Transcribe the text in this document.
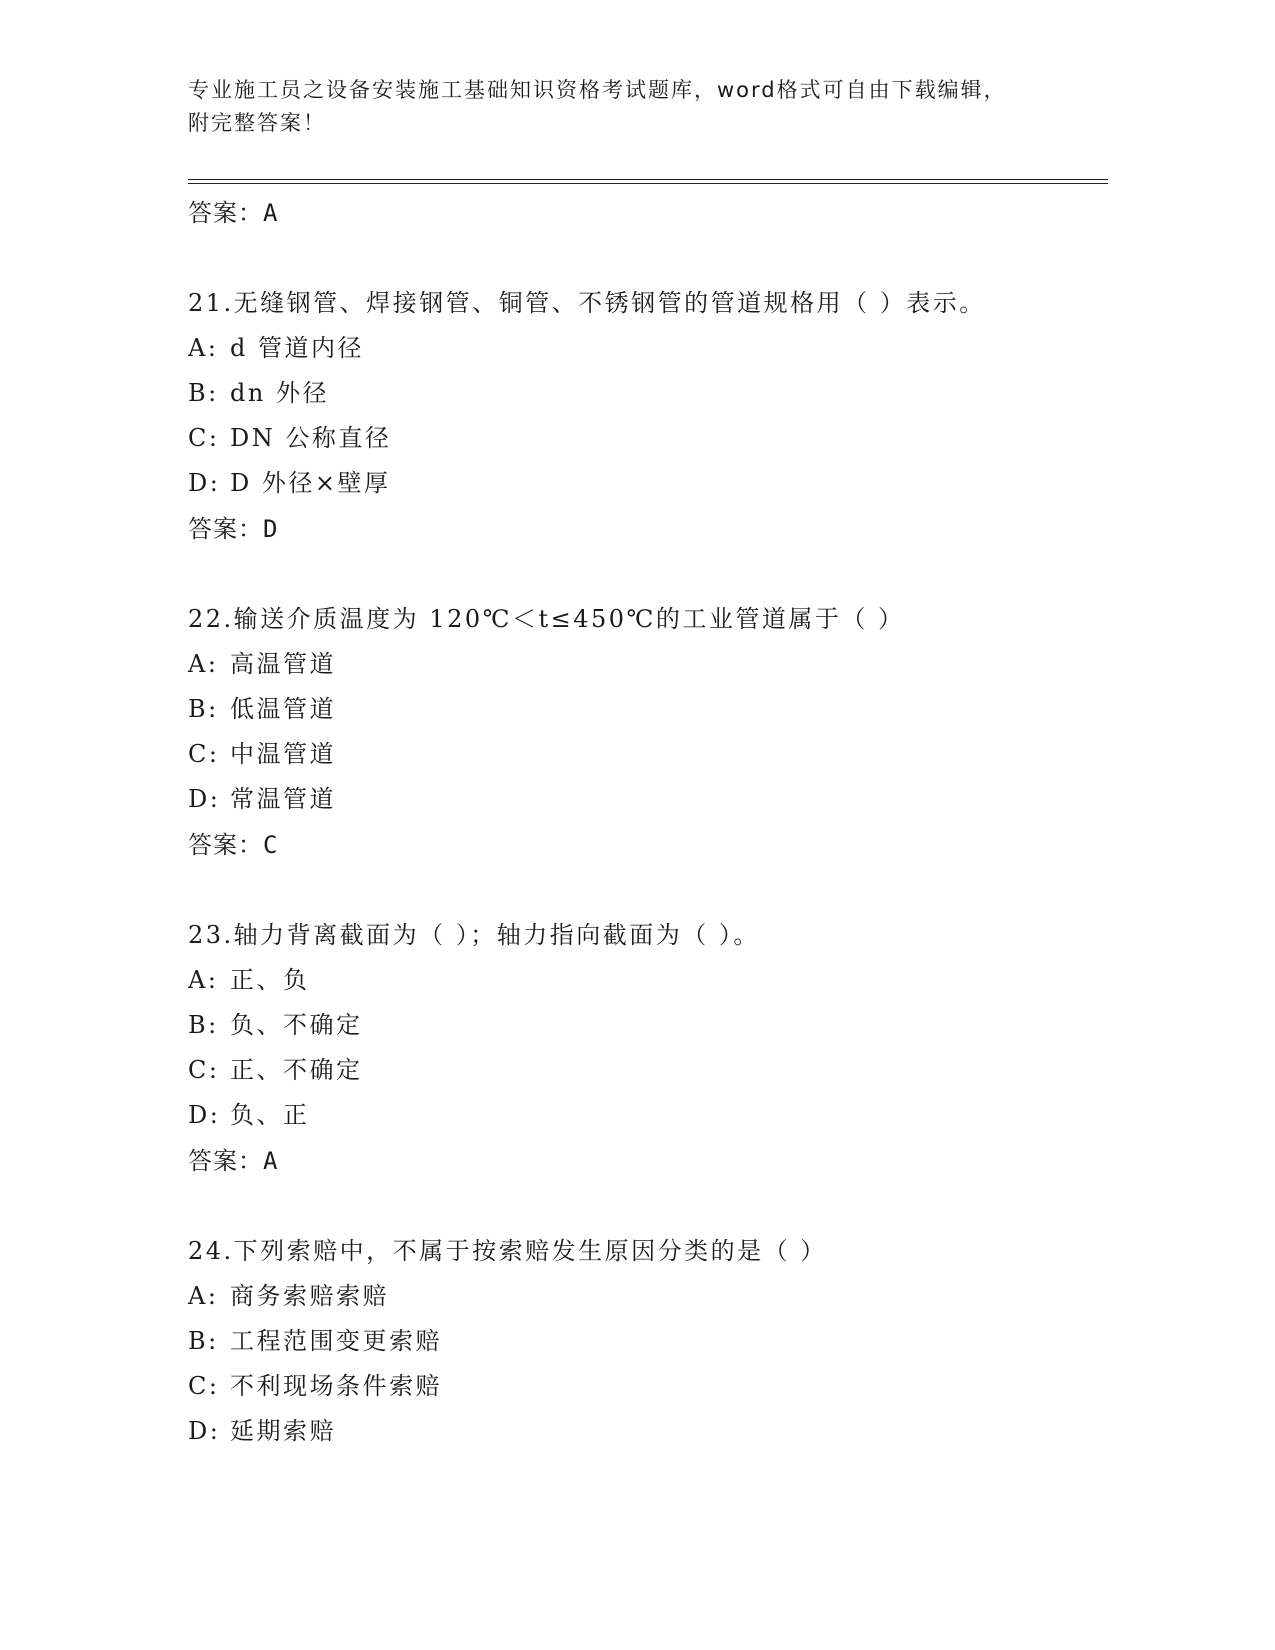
专业施工员之设备安装施工基础知识资格考试题库，word格式可自由下载编辑，
附完整答案！
答案：A
21.无缝钢管、焊接钢管、铜管、不锈钢管的管道规格用（ ）表示。
A: d 管道内径
B: dn 外径
C: DN 公称直径
D: D 外径×壁厚
答案：D
22.输送介质温度为 120℃＜t≤450℃的工业管道属于（ ）
A: 高温管道
B: 低温管道
C: 中温管道
D: 常温管道
答案：C
23.轴力背离截面为（ ）；轴力指向截面为（ ）。
A: 正、负
B: 负、不确定
C: 正、不确定
D: 负、正
答案：A
24.下列索赔中，不属于按索赔发生原因分类的是（ ）
A: 商务索赔索赔
B: 工程范围变更索赔
C: 不利现场条件索赔
D: 延期索赔
